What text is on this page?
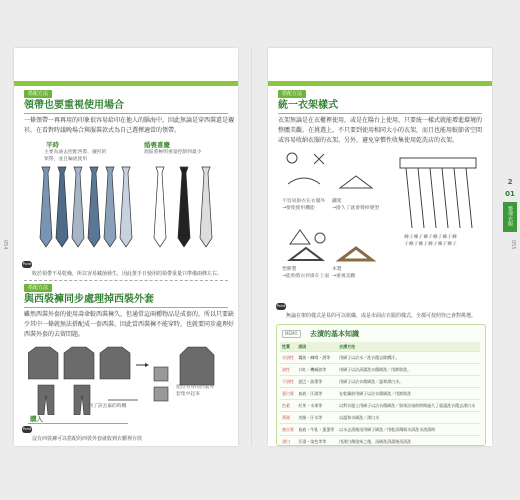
搭配方法
領帶也要重視使用場合
一條領帶一再再用的印象很容易給印在他人的腦海中，因此無論是穿西裝還是襯
衫，在看對時議晚場合與服裝款式為自己選擇適當的領帶。
平時
主要為通去控配西裝、襯衫的
領帶，並且輪流使用
婚喪喜慶
週區將極明重量控制到最少
Point
收於領帶不易乾燥，所以容易藏菌發生，因此推手日使用的領帶重量只準備兩條左右。
搭配方法
與西裝褲同步處理掉西裝外套
雖然西裝外套的使用壽命較西裝褲久，但通常這兩種物品是成套的，所以只要缺
少其中一條就無法搭配成一套西裝。因此當西裝褲不能穿時，也就要同步處理好
西裝外套的去留問題。
把沒有穿的西裝外
套集中起來
到了該丟棄的時機
購入
Point
沒有西裝褲可以搭配的西裝外套就收到衣櫃裡存放
054
搭配方法
統一衣架樣式
衣架無論是在衣櫃裡使用，或是在陽台上使用，只要統一樣式就能增進環境的
整體美觀。在挑選上，不只要到使用相同大小的衣架，而且也能用較節省空間
或容易收納衣服的衣架。另外，避免穿慣性收集使用乾洗店的衣架。
不容易掛衣在衣服外
→要使使用機能
鐵架
→掛久了就會彎掉變型
塑膠製
→能夠將衣衫掛在上面
木製
→重視美觀
褲子褲子褲子褲子褲子褲
子褲子褲子褲子褲子褲子
Point
無論在架的樣式是易的可以組織，或是市面店衣服的樣式，全都可按照你已會對挑選。
MEMO	去漬的基本知識
性質	原因	去漬方法
水溶性	醬油・咖啡・酒等	用刷子以沾水／洗衣精去除髒汙。
油性	口紅・機械油等	用刷子以沾清潔洗衣精刷洗／用卸妝洗。
不溶性	泥巴・油墨等	用刷子以沾衣精刷洗／溫和漂白水。
蛋白質	血液・汗漬等	在乾燥前用刷子以沾衣精刷洗／用卸妝洗
色素	紅茶・水果等	以對衣服上用刷子以沾衣精刷洗／如果沾染的時間過久了就還洗衣精去漂白水
黃斑	皮脂・汗水等	以溫和水刷洗／漂白水
複合質	血液・牛乳・蛋蛋等	以水去漬後再用刷子刷洗／用乾清劑與水清洗水溶漬時
漂白	汗漬・染色等等	用漂白劑塗抹之後，再刷洗清潔後再清洗
2
01
整理衣服
055
